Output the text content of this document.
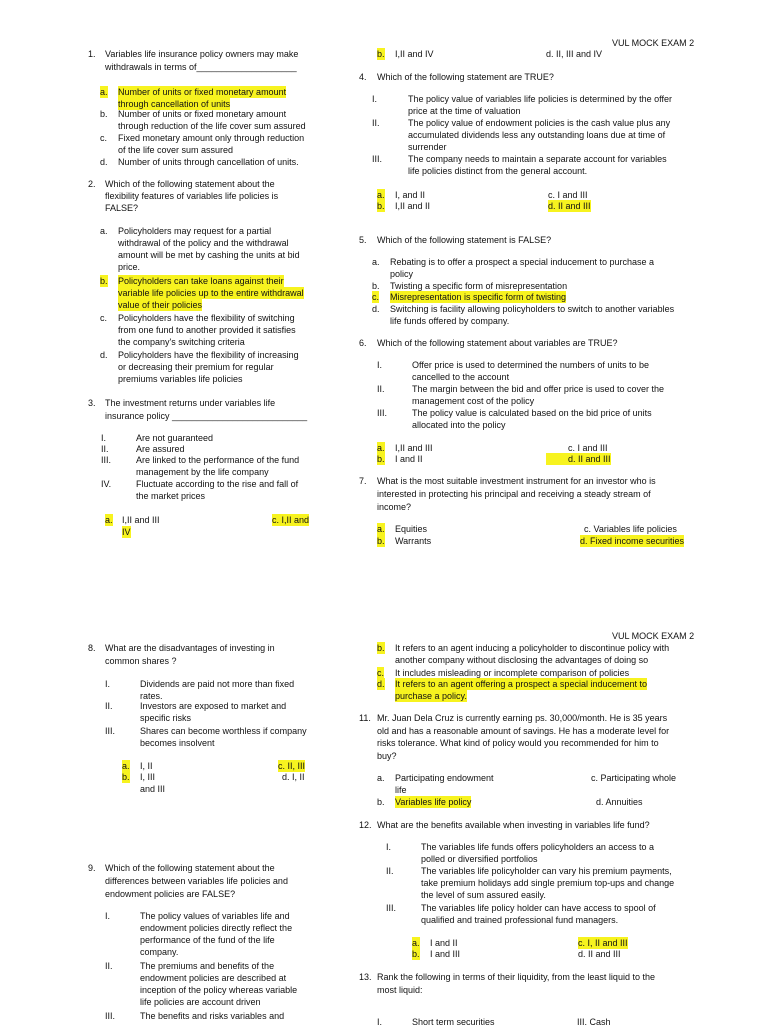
VUL MOCK EXAM 2
1. Variables life insurance policy owners may make
withdrawals in terms of____________________
a. Number of units or fixed monetary amount
through cancellation of units
b. Number of units or fixed monetary amount
through reduction of the life cover sum assured
c. Fixed monetary amount only through reduction
of the life cover sum assured
d. Number of units through cancellation of units.
2. Which of the following statement about the
flexibility features of variables life policies is
FALSE?
a. Policyholders may request for a partial
withdrawal of the policy and the withdrawal
amount will be met by cashing the units at bid
price.
b. Policyholders can take loans against their
variable life policies up to the entire withdrawal
value of their policies
c. Policyholders have the flexibility of switching
from one fund to another provided it satisfies
the company's switching criteria
d. Policyholders have the flexibility of increasing
or decreasing their premium for regular
premiums variables life policies
3. The investment returns under variables life
insurance policy ___________________________
I.	Are not guaranteed
II.	Are assured
III.	Are linked to the performance of the fund
management by the life company
IV.	Fluctuate according to the rise and fall of
the market prices
a. I,II and III	c. I,II and
IV
b. I,II and IV	d. II, III and IV
4. Which of the following statement are TRUE?
I.	The policy value of variables life policies is determined by the offer
price at the time of valuation
II.	The policy value of endowment policies is the cash value plus any
accumulated dividends less any outstanding loans due at time of
surrender
III.	The company needs to maintain a separate account for variables
life policies distinct from the general account.
a. I, and II	c. I and III
b. I,II and II	d. II and III
5. Which of the following statement is FALSE?
a. Rebating is to offer a prospect a special inducement to purchase a
policy
b. Twisting a specific form of misrepresentation
c. Misrepresentation is specific form of twisting
d. Switching is facility allowing policyholders to switch to another variables
life funds offered by company.
6. Which of the following statement about variables are TRUE?
I.	Offer price is used to determined the numbers of units to be
cancelled to the account
II.	The margin between the bid and offer price is used to cover the
management cost of the policy
III.	The policy value is calculated based on the bid price of units
allocated into the policy
a. I,II and III	c. I and III
b. I and II
	d. II and III
7. What is the most suitable investment instrument for an investor who is
interested in protecting his principal and receiving a steady stream of
income?
a. Equities	c. Variables life policies
b. Warrants	d. Fixed income securities
VUL MOCK EXAM 2
8. What are the disadvantages of investing in
common shares ?
I.	Dividends are paid not more than fixed
rates.
II.	Investors are exposed to market and
specific risks
III.	Shares can become worthless if company
becomes insolvent
a. I, II	c. II, III
b. I, III	d. I, II
and III
9. Which of the following statement about the
differences between variables life policies and
endowment policies are FALSE?
I.	The policy values of variables life and
endowment policies directly reflect the
performance of the fund of the life
company.
II.	The premiums and benefits of the
endowment policies are described at
inception of the policy whereas variable
life policies are account driven
III.	The benefits and risks variables and
b. It refers to an agent inducing a policyholder to discontinue policy with
another company without disclosing the advantages of doing so
c. It includes misleading or incomplete comparison of policies
d. It refers to an agent offering a prospect a special inducement to
purchase a policy.
11. Mr. Juan Dela Cruz is currently earning ps. 30,000/month. He is 35 years
old and has a reasonable amount of savings. He has a moderate level for
risks tolerance. What kind of policy would you recommended for him to
buy?
a. Participating endowment
life
c. Participating whole
b. Variables life policy	d. Annuities
12. What are the benefits available when investing in variables life fund?
I.	The variables life funds offers policyholders an access to a
polled or diversified portfolios
II.	The variables life policyholder can vary his premium payments,
take premium holidays add single premium top-ups and change
the level of sum assured easily.
III.	The variables life policy holder can have access to spool of
qualified and trained professional fund managers.
a. I and II	c. I, II and III
b. I and III	d. II and III
13. Rank the following in terms of their liquidity, from the least liquid to the
most liquid:
I.	Short term securities	III. Cash
